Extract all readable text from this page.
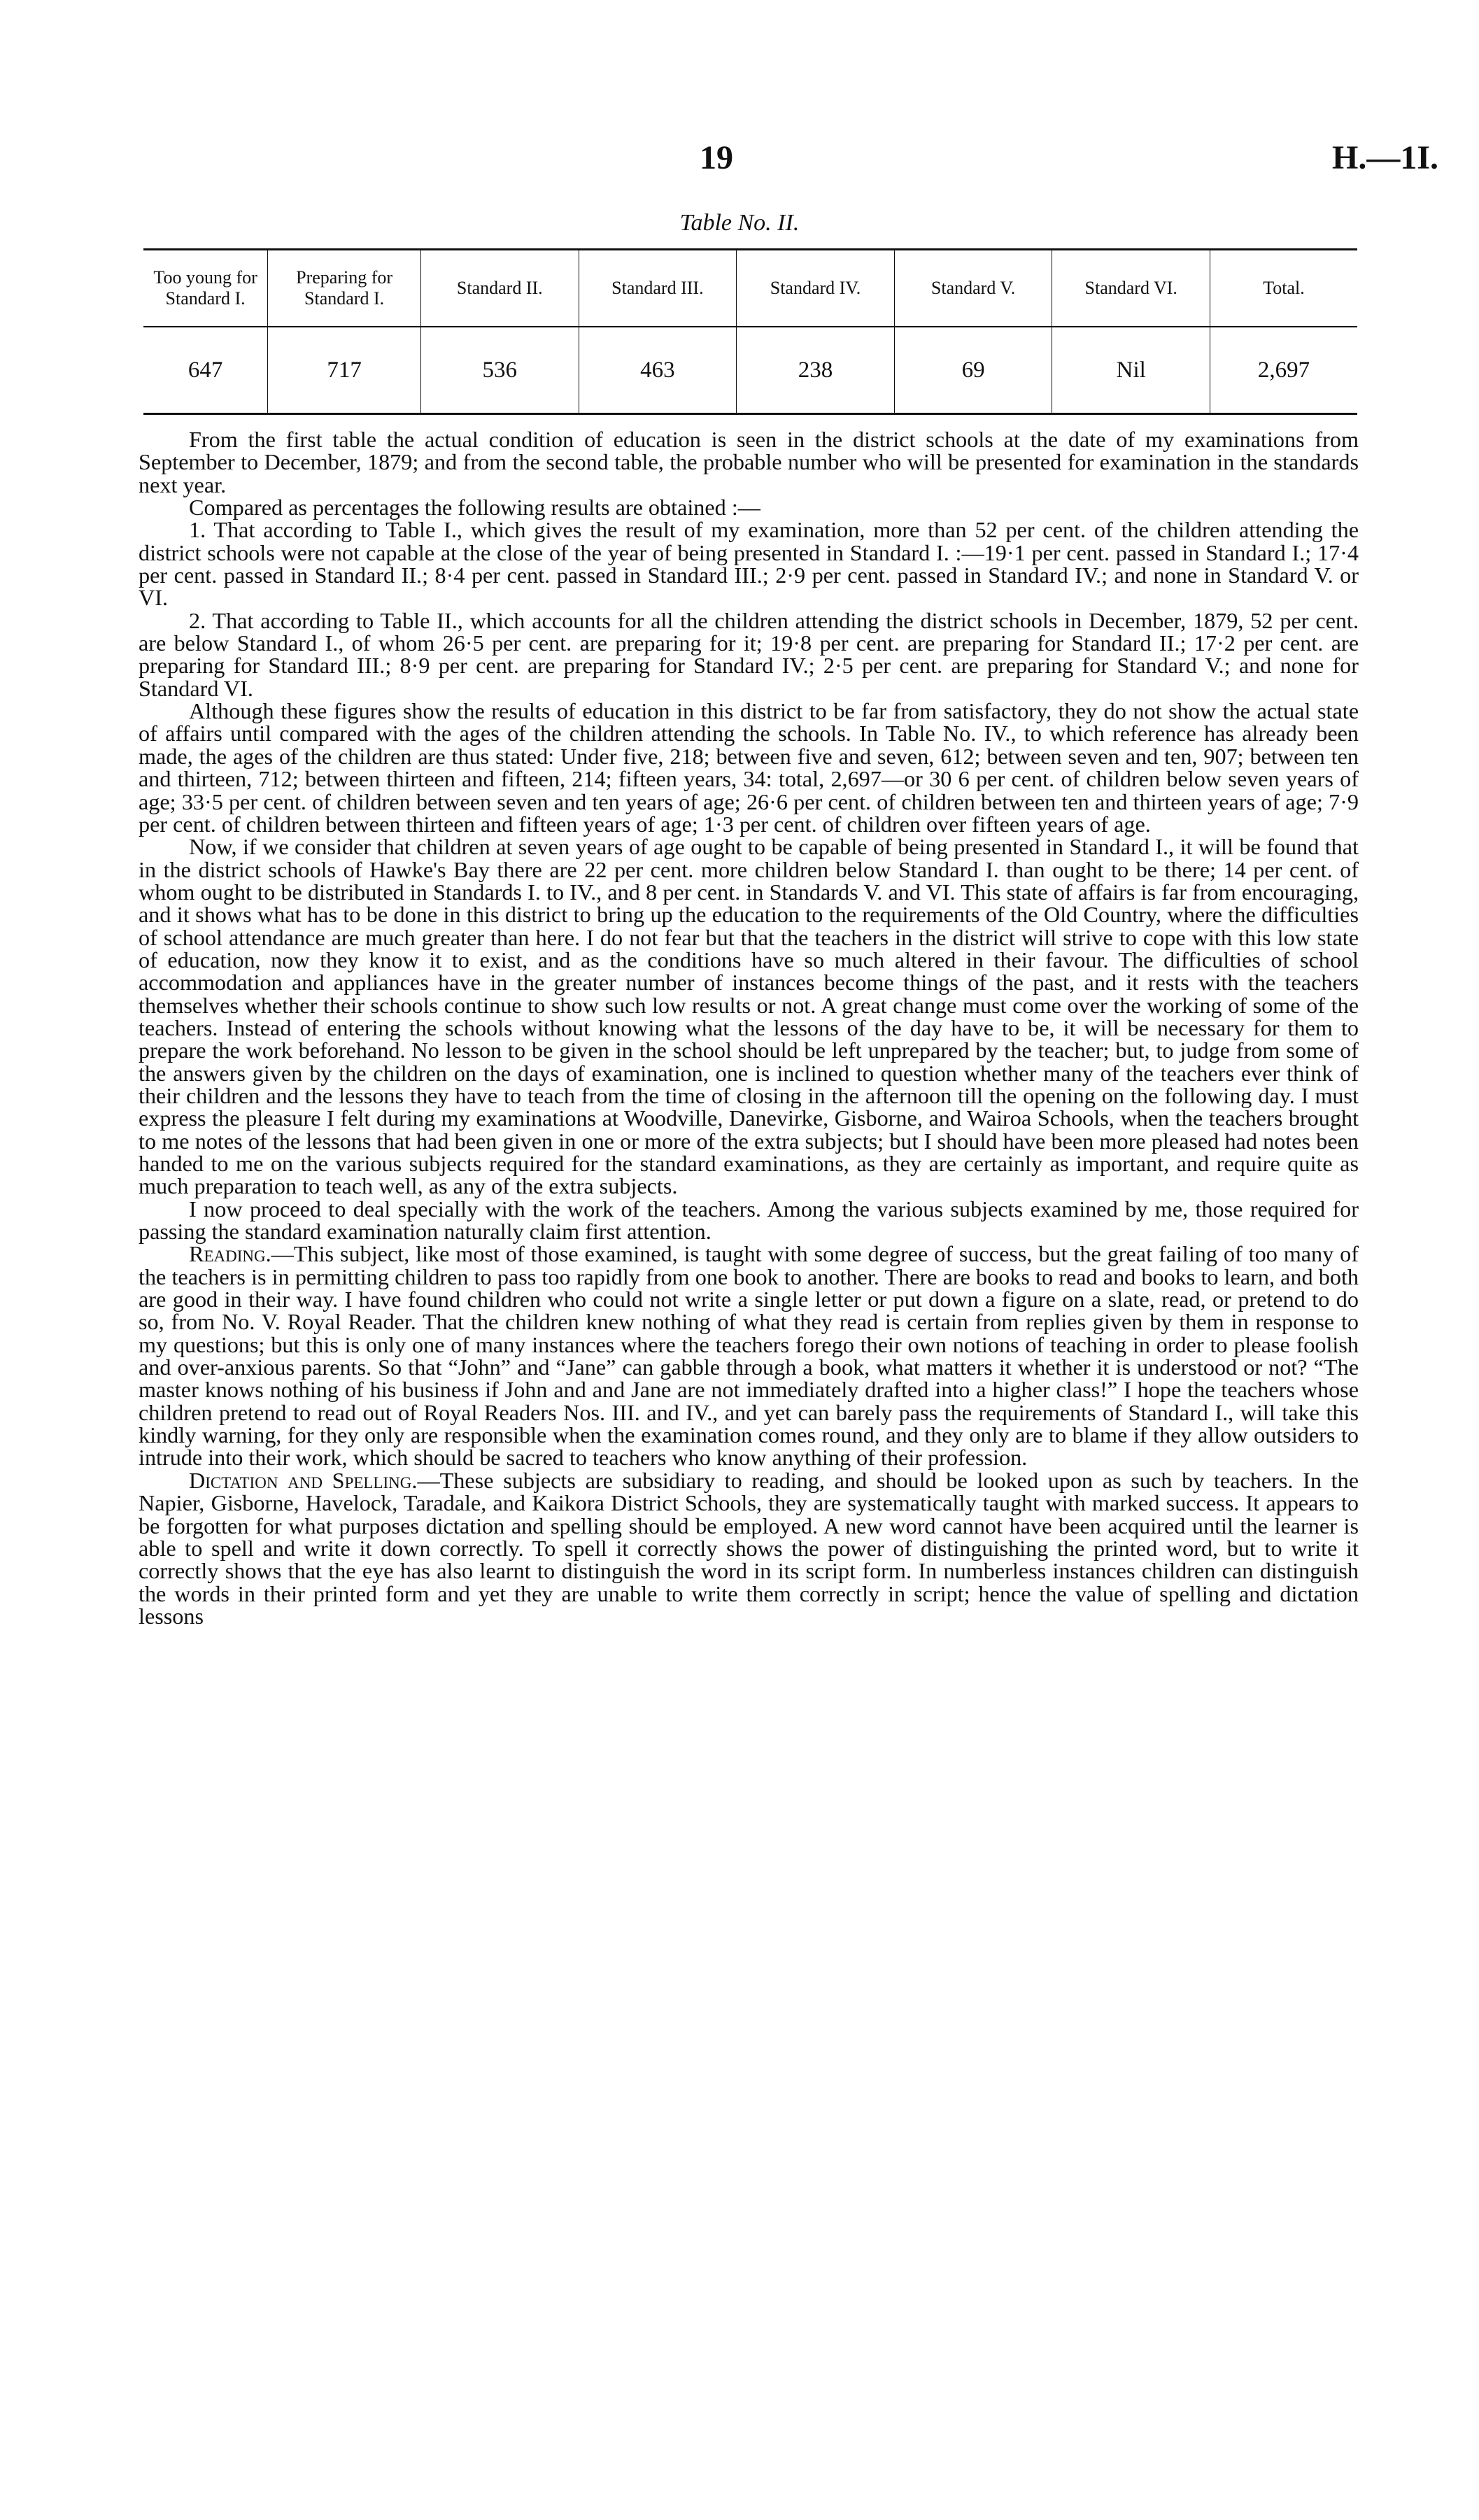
19	H.—1I.
Table No. II.
Too young for Standard I.	Preparing for Standard I.	Standard II.	Standard III.	Standard IV.	Standard V.	Standard VI.	Total.
647	717	536	463	238	69	Nil	2,697

From the first table the actual condition of education is seen in the district schools at the date of my examinations from September to December, 1879; and from the second table, the probable number who will be presented for examination in the standards next year.

Compared as percentages the following results are obtained :—

1. That according to Table I., which gives the result of my examination, more than 52 per cent. of the children attending the district schools were not capable at the close of the year of being presented in Standard I. :—19·1 per cent. passed in Standard I.; 17·4 per cent. passed in Standard II.; 8·4 per cent. passed in Standard III.; 2·9 per cent. passed in Standard IV.; and none in Standard V. or VI.

2. That according to Table II., which accounts for all the children attending the district schools in December, 1879, 52 per cent. are below Standard I., of whom 26·5 per cent. are preparing for it; 19·8 per cent. are preparing for Standard II.; 17·2 per cent. are preparing for Standard III.; 8·9 per cent. are preparing for Standard IV.; 2·5 per cent. are preparing for Standard V.; and none for Standard VI.

Although these figures show the results of education in this district to be far from satisfactory, they do not show the actual state of affairs until compared with the ages of the children attending the schools. In Table No. IV., to which reference has already been made, the ages of the children are thus stated: Under five, 218; between five and seven, 612; between seven and ten, 907; between ten and thirteen, 712; between thirteen and fifteen, 214; fifteen years, 34: total, 2,697—or 30 6 per cent. of children below seven years of age; 33·5 per cent. of children between seven and ten years of age; 26·6 per cent. of children between ten and thirteen years of age; 7·9 per cent. of children between thirteen and fifteen years of age; 1·3 per cent. of children over fifteen years of age.

Now, if we consider that children at seven years of age ought to be capable of being presented in Standard I., it will be found that in the district schools of Hawke's Bay there are 22 per cent. more children below Standard I. than ought to be there; 14 per cent. of whom ought to be distributed in Standards I. to IV., and 8 per cent. in Standards V. and VI. This state of affairs is far from encouraging, and it shows what has to be done in this district to bring up the education to the requirements of the Old Country, where the difficulties of school attendance are much greater than here. I do not fear but that the teachers in the district will strive to cope with this low state of education, now they know it to exist, and as the conditions have so much altered in their favour. The difficulties of school accommodation and appliances have in the greater number of instances become things of the past, and it rests with the teachers themselves whether their schools continue to show such low results or not. A great change must come over the working of some of the teachers. Instead of entering the schools without knowing what the lessons of the day have to be, it will be necessary for them to prepare the work beforehand. No lesson to be given in the school should be left unprepared by the teacher; but, to judge from some of the answers given by the children on the days of examination, one is inclined to question whether many of the teachers ever think of their children and the lessons they have to teach from the time of closing in the afternoon till the opening on the following day. I must express the pleasure I felt during my examinations at Woodville, Danevirke, Gisborne, and Wairoa Schools, when the teachers brought to me notes of the lessons that had been given in one or more of the extra subjects; but I should have been more pleased had notes been handed to me on the various subjects required for the standard examinations, as they are certainly as important, and require quite as much preparation to teach well, as any of the extra subjects.

I now proceed to deal specially with the work of the teachers. Among the various subjects examined by me, those required for passing the standard examination naturally claim first attention.

Reading.—This subject, like most of those examined, is taught with some degree of success, but the great failing of too many of the teachers is in permitting children to pass too rapidly from one book to another. There are books to read and books to learn, and both are good in their way. I have found children who could not write a single letter or put down a figure on a slate, read, or pretend to do so, from No. V. Royal Reader. That the children knew nothing of what they read is certain from replies given by them in response to my questions; but this is only one of many instances where the teachers forego their own notions of teaching in order to please foolish and over-anxious parents. So that “John” and “Jane” can gabble through a book, what matters it whether it is understood or not? “The master knows nothing of his business if John and and Jane are not immediately drafted into a higher class!” I hope the teachers whose children pretend to read out of Royal Readers Nos. III. and IV., and yet can barely pass the requirements of Standard I., will take this kindly warning, for they only are responsible when the examination comes round, and they only are to blame if they allow outsiders to intrude into their work, which should be sacred to teachers who know anything of their profession.

Dictation and Spelling.—These subjects are subsidiary to reading, and should be looked upon as such by teachers. In the Napier, Gisborne, Havelock, Taradale, and Kaikora District Schools, they are systematically taught with marked success. It appears to be forgotten for what purposes dictation and spelling should be employed. A new word cannot have been acquired until the learner is able to spell and write it down correctly. To spell it correctly shows the power of distinguishing the printed word, but to write it correctly shows that the eye has also learnt to distinguish the word in its script form. In numberless instances children can distinguish the words in their printed form and yet they are unable to write them correctly in script; hence the value of spelling and dictation lessons
